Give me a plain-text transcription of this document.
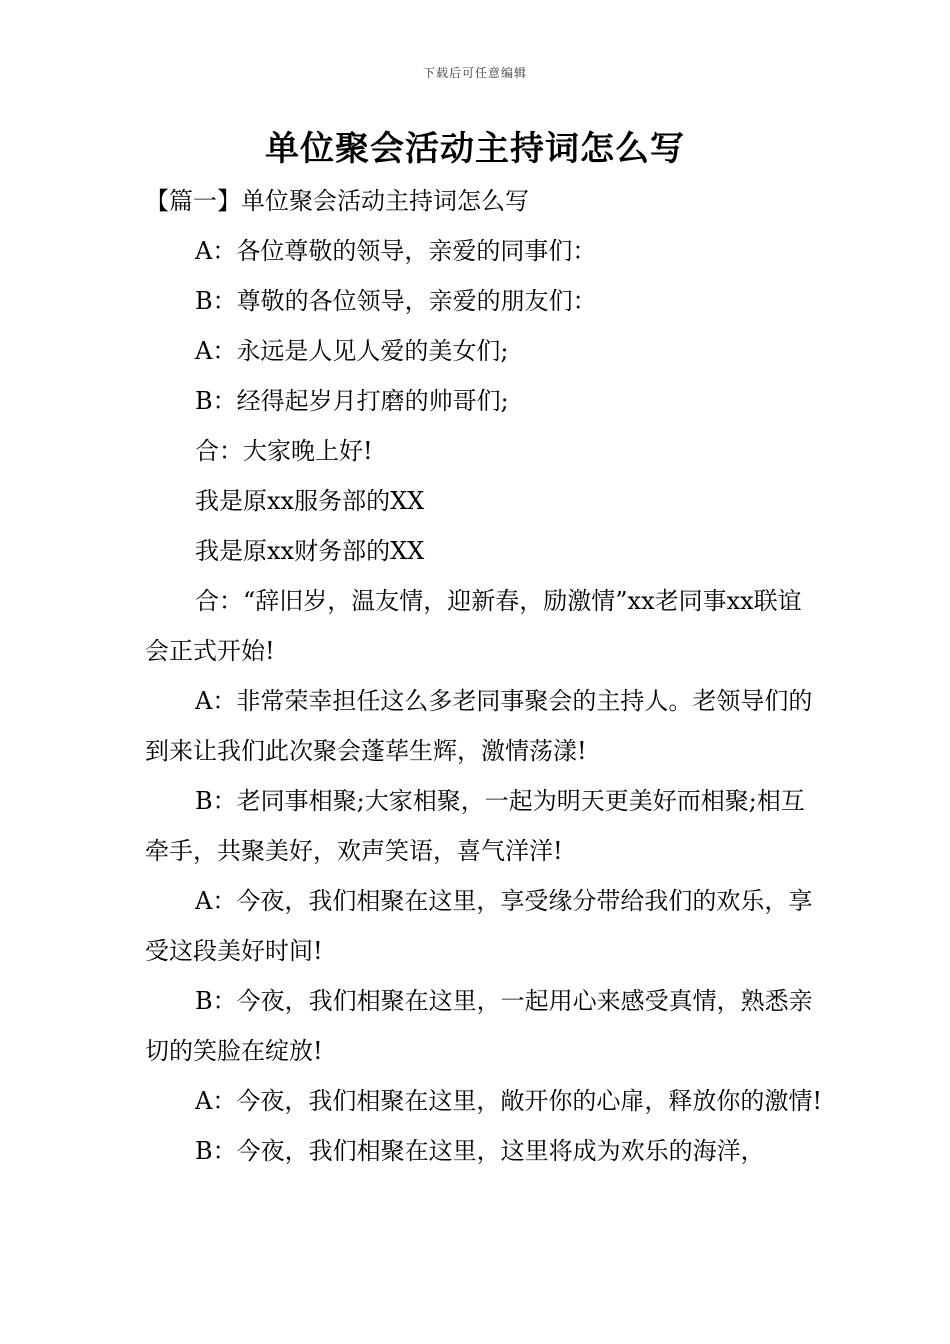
下载后可任意编辑
单位聚会活动主持词怎么写
【篇一】单位聚会活动主持词怎么写

A：各位尊敬的领导，亲爱的同事们：

B：尊敬的各位领导，亲爱的朋友们：

A：永远是人见人爱的美女们;

B：经得起岁月打磨的帅哥们;

合：大家晚上好!

我是原xx服务部的XX

我是原xx财务部的XX

合：“辞旧岁，温友情，迎新春，励激情”xx老同事xx联谊会正式开始!

A：非常荣幸担任这么多老同事聚会的主持人。老领导们的到来让我们此次聚会蓬荜生辉，激情荡漾!

B：老同事相聚;大家相聚，一起为明天更美好而相聚;相互牵手，共聚美好，欢声笑语，喜气洋洋!

A：今夜，我们相聚在这里，享受缘分带给我们的欢乐，享受这段美好时间!

B：今夜，我们相聚在这里，一起用心来感受真情，熟悉亲切的笑脸在绽放!

A：今夜，我们相聚在这里，敞开你的心扉，释放你的激情!

B：今夜，我们相聚在这里，这里将成为欢乐的海洋，
